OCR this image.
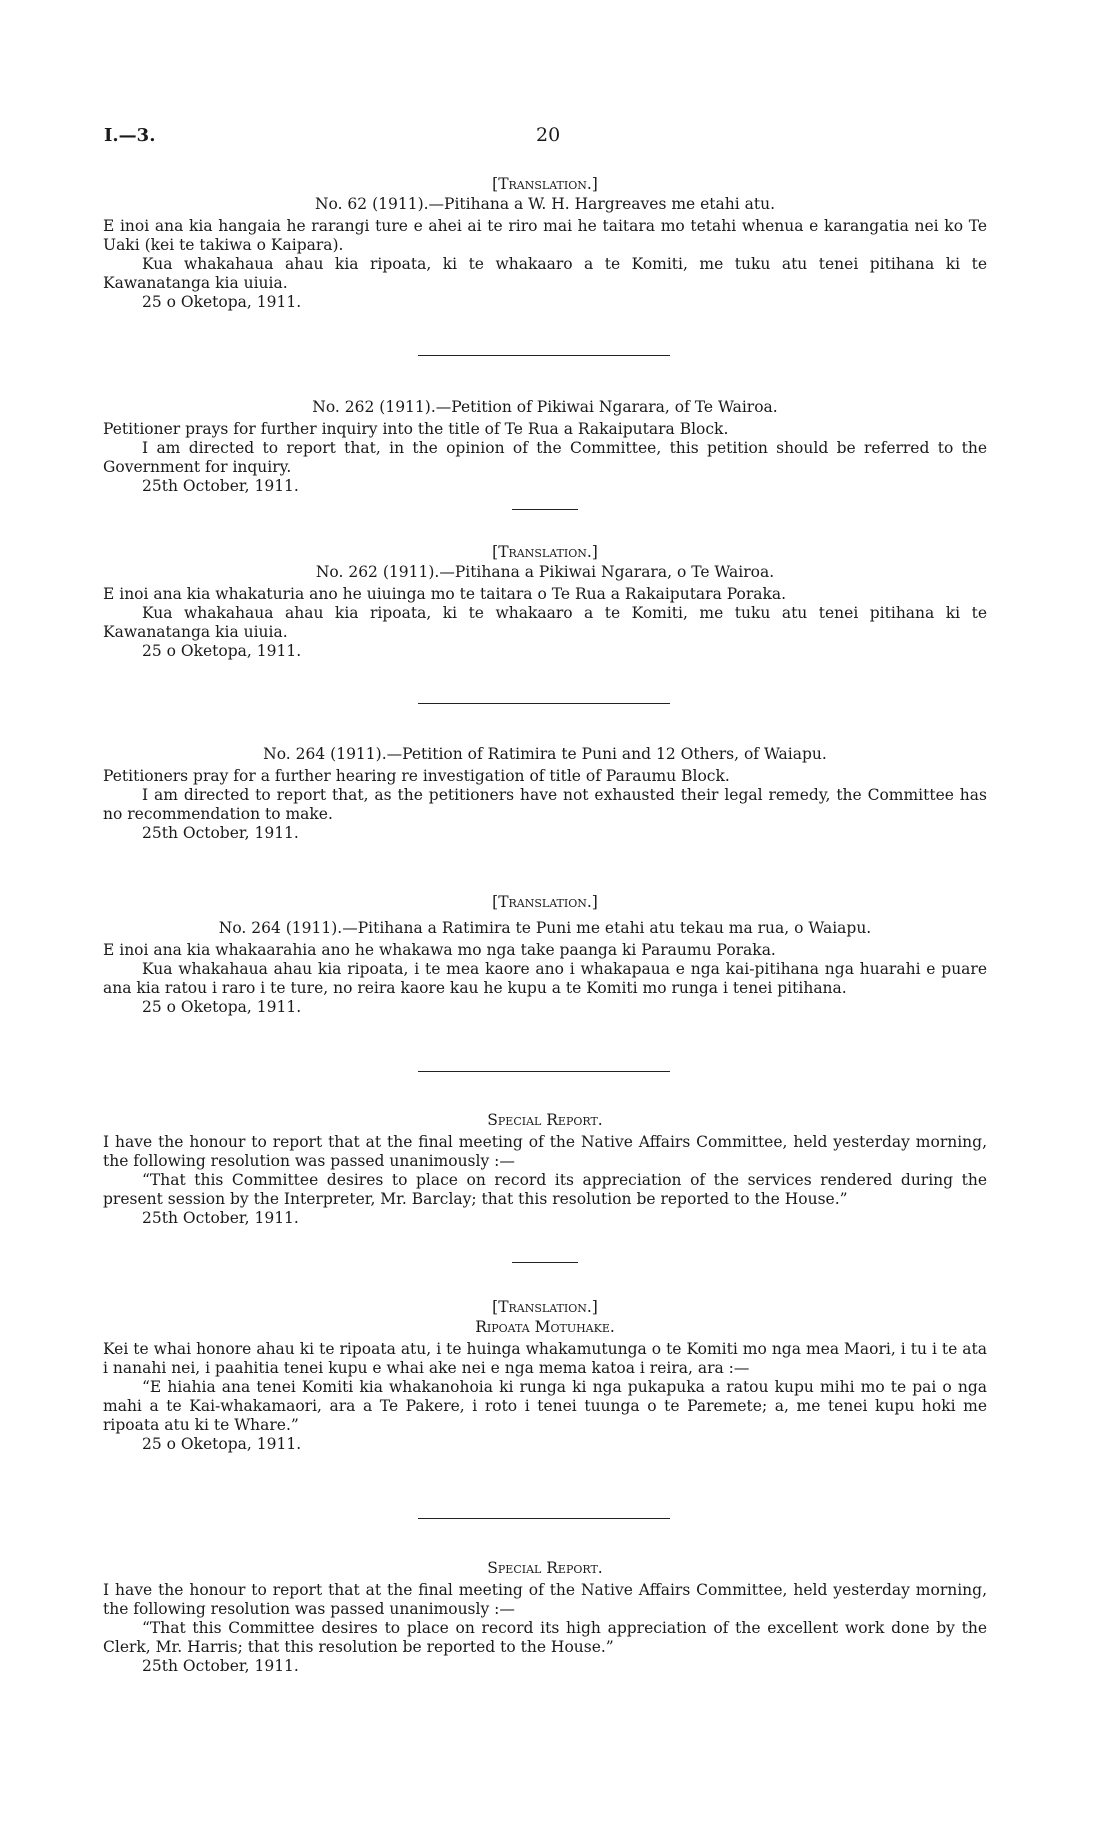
I.—3.	20

[Translation.]

No. 62 (1911).—Pitihana a W. H. Hargreaves me etahi atu.

E inoi ana kia hangaia he rarangi ture e ahei ai te riro mai he taitara mo tetahi whenua e karangatia nei ko Te Uaki (kei te takiwa o Kaipara).

Kua whakahaua ahau kia ripoata, ki te whakaaro a te Komiti, me tuku atu tenei pitihana ki te Kawanatanga kia uiuia.

25 o Oketopa, 1911.

No. 262 (1911).—Petition of Pikiwai Ngarara, of Te Wairoa.

Petitioner prays for further inquiry into the title of Te Rua a Rakaiputara Block.

I am directed to report that, in the opinion of the Committee, this petition should be referred to the Government for inquiry.

25th October, 1911.

[Translation.]

No. 262 (1911).—Pitihana a Pikiwai Ngarara, o Te Wairoa.

E inoi ana kia whakaturia ano he uiuinga mo te taitara o Te Rua a Rakaiputara Poraka.

Kua whakahaua ahau kia ripoata, ki te whakaaro a te Komiti, me tuku atu tenei pitihana ki te Kawanatanga kia uiuia.

25 o Oketopa, 1911.

No. 264 (1911).—Petition of Ratimira te Puni and 12 Others, of Waiapu.

Petitioners pray for a further hearing re investigation of title of Paraumu Block.

I am directed to report that, as the petitioners have not exhausted their legal remedy, the Committee has no recommendation to make.

25th October, 1911.

[Translation.]

No. 264 (1911).—Pitihana a Ratimira te Puni me etahi atu tekau ma rua, o Waiapu.

E inoi ana kia whakaarahia ano he whakawa mo nga take paanga ki Paraumu Poraka.

Kua whakahaua ahau kia ripoata, i te mea kaore ano i whakapaua e nga kai-pitihana nga huarahi e puare ana kia ratou i raro i te ture, no reira kaore kau he kupu a te Komiti mo runga i tenei pitihana.

25 o Oketopa, 1911.

Special Report.

I have the honour to report that at the final meeting of the Native Affairs Committee, held yesterday morning, the following resolution was passed unanimously :—

“That this Committee desires to place on record its appreciation of the services rendered during the present session by the Interpreter, Mr. Barclay; that this resolution be reported to the House.”

25th October, 1911.

[Translation.]

Ripoata Motuhake.

Kei te whai honore ahau ki te ripoata atu, i te huinga whakamutunga o te Komiti mo nga mea Maori, i tu i te ata i nanahi nei, i paahitia tenei kupu e whai ake nei e nga mema katoa i reira, ara :—

“E hiahia ana tenei Komiti kia whakanohoia ki runga ki nga pukapuka a ratou kupu mihi mo te pai o nga mahi a te Kai-whakamaori, ara a Te Pakere, i roto i tenei tuunga o te Paremete; a, me tenei kupu hoki me ripoata atu ki te Whare.”

25 o Oketopa, 1911.

Special Report.

I have the honour to report that at the final meeting of the Native Affairs Committee, held yesterday morning, the following resolution was passed unanimously :—

“That this Committee desires to place on record its high appreciation of the excellent work done by the Clerk, Mr. Harris; that this resolution be reported to the House.”

25th October, 1911.
